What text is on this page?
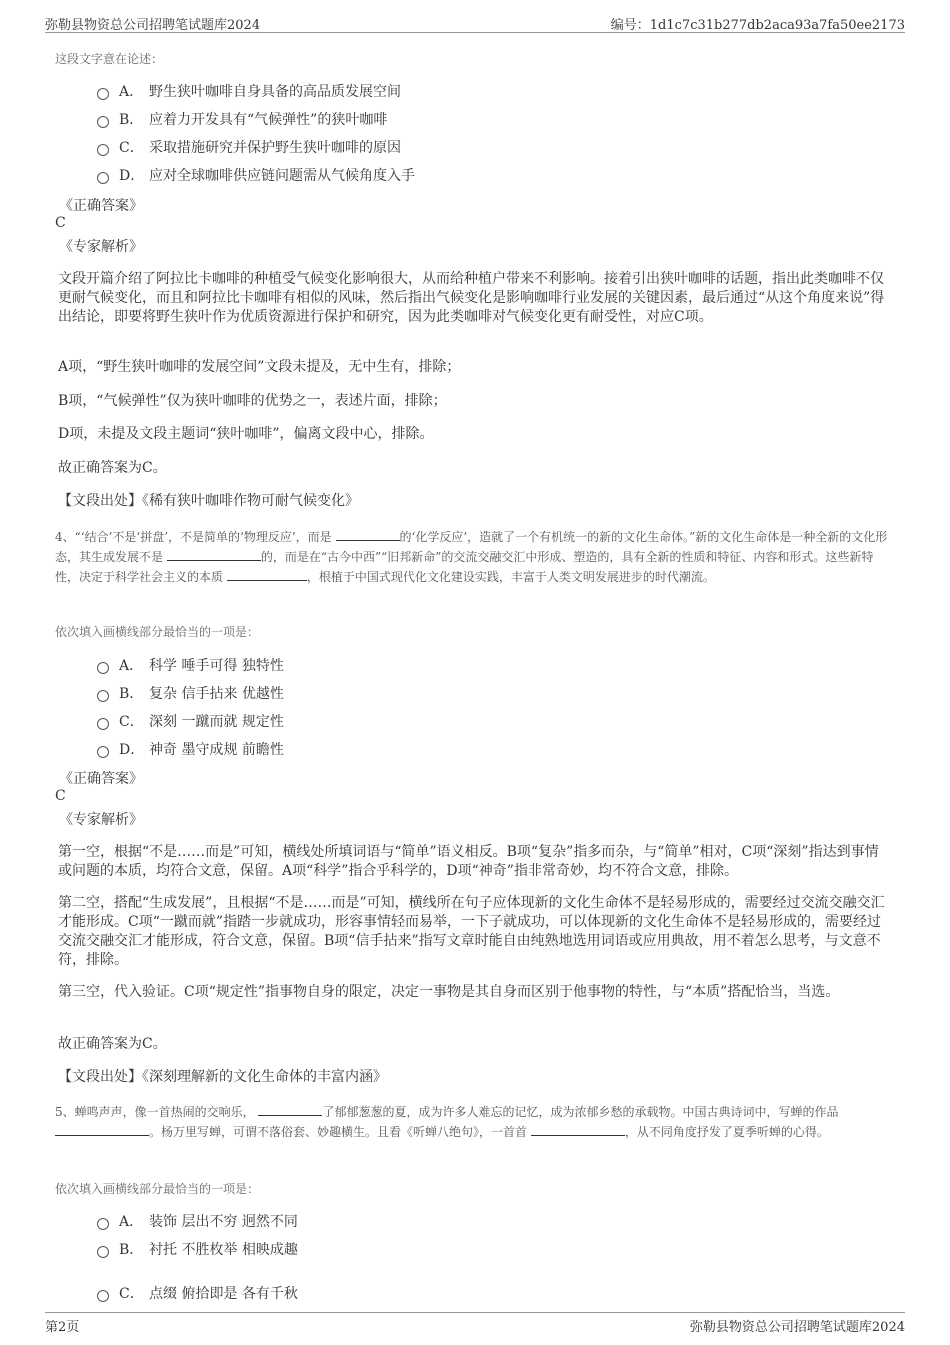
弥勒县物资总公司招聘笔试题库2024	编号：1d1c7c31b277db2aca93a7fa50ee2173
这段文字意在论述：
A． 野生狭叶咖啡自身具备的高品质发展空间
B． 应着力开发具有“气候弹性”的狭叶咖啡
C． 采取措施研究并保护野生狭叶咖啡的原因
D． 应对全球咖啡供应链问题需从气候角度入手
《正确答案》
C
《专家解析》
文段开篇介绍了阿拉比卡咖啡的种植受气候变化影响很大，从而给种植户带来不利影响。接着引出狭叶咖啡的话题，指出此类咖啡不仅更耐气候变化，而且和阿拉比卡咖啡有相似的风味，然后指出气候变化是影响咖啡行业发展的关键因素，最后通过“从这个角度来说”得出结论，即要将野生狭叶作为优质资源进行保护和研究，因为此类咖啡对气候变化更有耐受性，对应C项。
A项，“野生狭叶咖啡的发展空间”文段未提及，无中生有，排除；
B项，“气候弹性”仅为狭叶咖啡的优势之一，表述片面，排除；
D项，未提及文段主题词“狭叶咖啡”，偏离文段中心，排除。
故正确答案为C。
【文段出处】《稀有狭叶咖啡作物可耐气候变化》
4、“‘结合’不是‘拼盘’，不是简单的‘物理反应’，而是	的‘化学反应’，造就了一个有机统一的新的文化生命体。”新的文化生命体是一种全新的文化形态，其生成发展不是	的，而是在“古今中西”“旧邦新命”的交流交融交汇中形成、塑造的，具有全新的性质和特征、内容和形式。这些新特性，决定于科学社会主义的本质	，根植于中国式现代化文化建设实践，丰富于人类文明发展进步的时代潮流。
依次填入画横线部分最恰当的一项是：
A． 科学 唾手可得 独特性
B． 复杂 信手拈来 优越性
C． 深刻 一蹴而就 规定性
D． 神奇 墨守成规 前瞻性
《正确答案》
C
《专家解析》
第一空，根据“不是……而是”可知，横线处所填词语与“简单”语义相反。B项“复杂”指多而杂，与“简单”相对，C项“深刻”指达到事情或问题的本质，均符合文意，保留。A项“科学”指合乎科学的，D项“神奇”指非常奇妙，均不符合文意，排除。
第二空，搭配“生成发展”，且根据“不是……而是”可知，横线所在句子应体现新的文化生命体不是轻易形成的，需要经过交流交融交汇才能形成。C项“一蹴而就”指踏一步就成功，形容事情轻而易举，一下子就成功，可以体现新的文化生命体不是轻易形成的，需要经过交流交融交汇才能形成，符合文意，保留。B项“信手拈来”指写文章时能自由纯熟地选用词语或应用典故，用不着怎么思考，与文意不符，排除。
第三空，代入验证。C项“规定性”指事物自身的限定，决定一事物是其自身而区别于他事物的特性，与“本质”搭配恰当，当选。
故正确答案为C。
【文段出处】《深刻理解新的文化生命体的丰富内涵》
5、蝉鸣声声，像一首热闹的交响乐，	了郁郁葱葱的夏，成为许多人难忘的记忆，成为浓郁乡愁的承载物。中国古典诗词中，写蝉的作品 。杨万里写蝉，可谓不落俗套、妙趣横生。且看《听蝉八绝句》，一首首	，从不同角度抒发了夏季听蝉的心得。
依次填入画横线部分最恰当的一项是：
A． 装饰 层出不穷 迥然不同
B． 衬托 不胜枚举 相映成趣
C． 点缀 俯拾即是 各有千秋
第2页	弥勒县物资总公司招聘笔试题库2024
